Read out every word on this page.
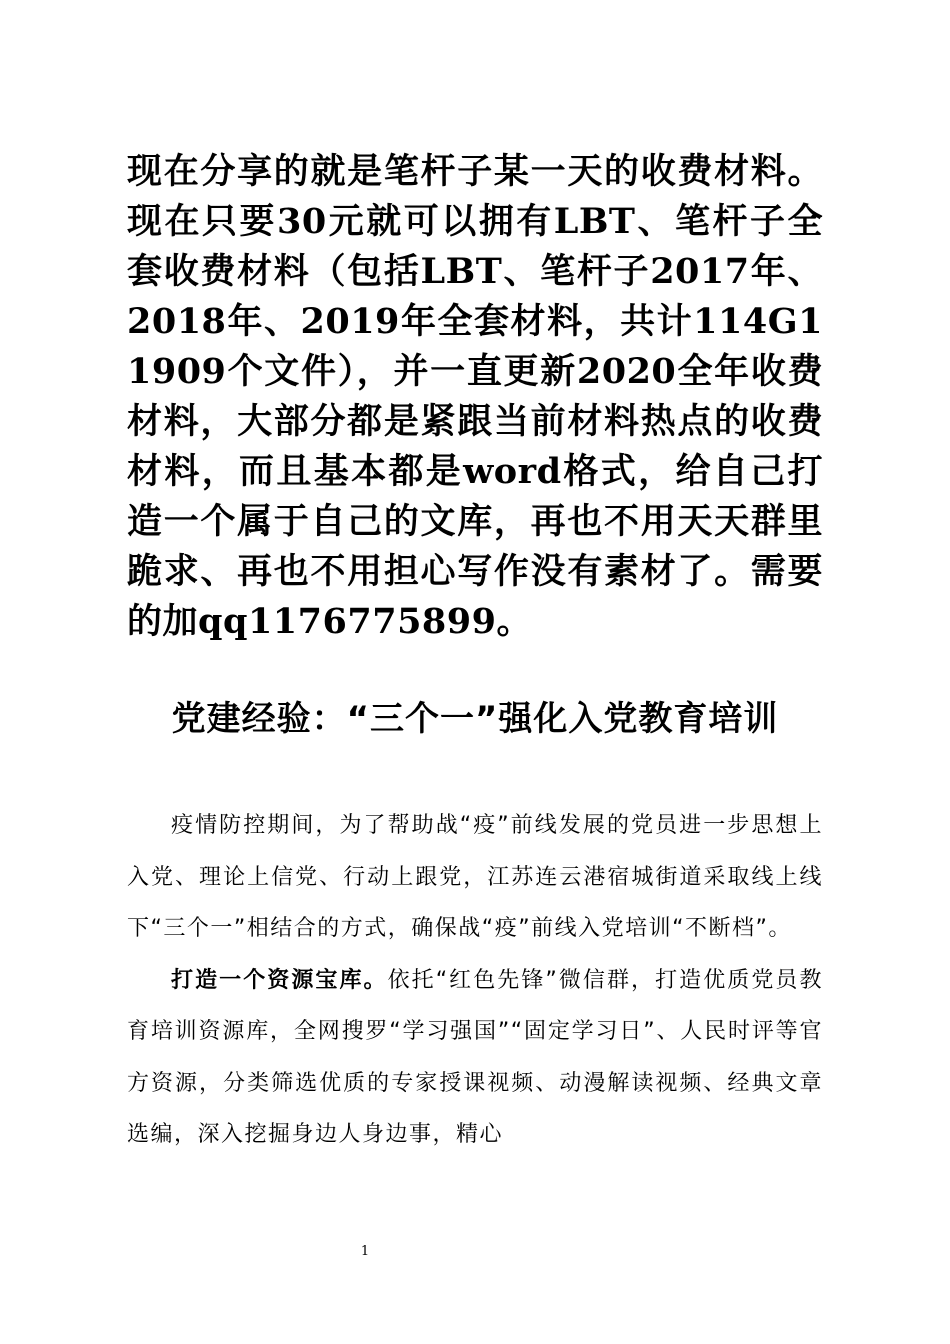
现在分享的就是笔杆子某一天的收费材料。现在只要30元就可以拥有LBT、笔杆子全套收费材料（包括LBT、笔杆子2017年、2018年、2019年全套材料，共计114G11909个文件），并一直更新2020全年收费材料，大部分都是紧跟当前材料热点的收费材料，而且基本都是word格式，给自己打造一个属于自己的文库，再也不用天天群里跪求、再也不用担心写作没有素材了。需要的加qq1176775899。
党建经验：“三个一”强化入党教育培训

疫情防控期间，为了帮助战“疫”前线发展的党员进一步思想上入党、理论上信党、行动上跟党，江苏连云港宿城街道采取线上线下“三个一”相结合的方式，确保战“疫”前线入党培训“不断档”。

打造一个资源宝库。依托“红色先锋”微信群，打造优质党员教育培训资源库，全网搜罗“学习强国”“固定学习日”、人民时评等官方资源，分类筛选优质的专家授课视频、动漫解读视频、经典文章选编，深入挖掘身边人身边事，精心

1
